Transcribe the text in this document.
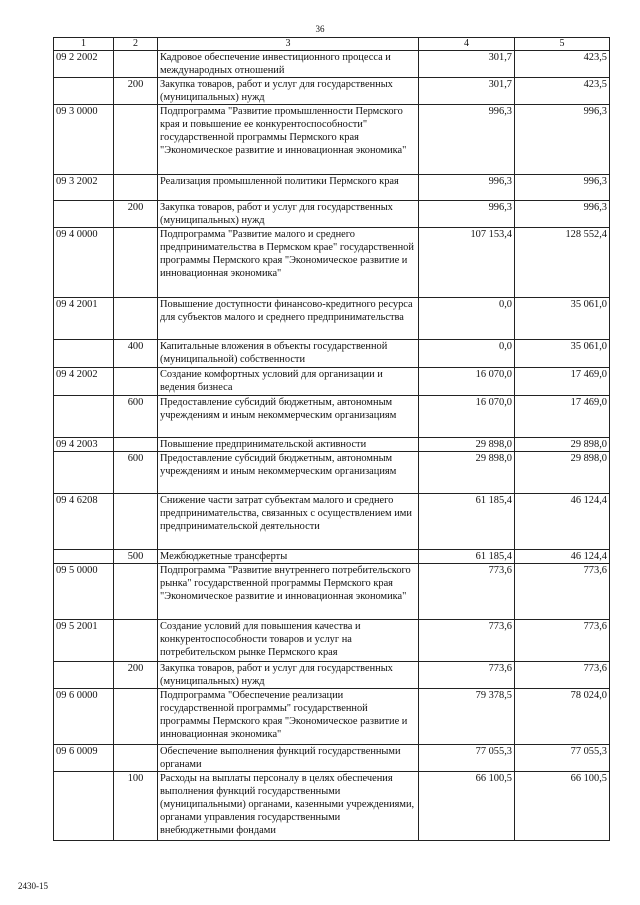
36
1	2	3	4	5
09 2 2002		Кадровое обеспечение инвестиционного процесса и международных отношений	301,7	423,5
	200	Закупка товаров, работ и услуг для государственных (муниципальных) нужд	301,7	423,5
09 3 0000		Подпрограмма "Развитие промышленности Пермского края и повышение ее конкурентоспособности" государственной программы Пермского края "Экономическое развитие и инновационная экономика"	996,3	996,3
09 3 2002		Реализация промышленной политики Пермского края	996,3	996,3
	200	Закупка товаров, работ и услуг для государственных (муниципальных) нужд	996,3	996,3
09 4 0000		Подпрограмма "Развитие малого и среднего предпринимательства в Пермском крае" государственной программы Пермского края "Экономическое развитие и инновационная экономика"	107 153,4	128 552,4
09 4 2001		Повышение доступности финансово-кредитного ресурса для субъектов малого и среднего предпринимательства	0,0	35 061,0
	400	Капитальные вложения в объекты государственной (муниципальной) собственности	0,0	35 061,0
09 4 2002		Создание комфортных условий для организации и ведения бизнеса	16 070,0	17 469,0
	600	Предоставление субсидий бюджетным, автономным учреждениям и иным некоммерческим организациям	16 070,0	17 469,0
09 4 2003		Повышение предпринимательской активности	29 898,0	29 898,0
	600	Предоставление субсидий бюджетным, автономным учреждениям и иным некоммерческим организациям	29 898,0	29 898,0
09 4 6208		Снижение части затрат субъектам малого и среднего предпринимательства, связанных с осуществлением ими предпринимательской деятельности	61 185,4	46 124,4
	500	Межбюджетные трансферты	61 185,4	46 124,4
09 5 0000		Подпрограмма "Развитие внутреннего потребительского рынка" государственной программы Пермского края "Экономическое развитие и инновационная экономика"	773,6	773,6
09 5 2001		Создание условий для повышения качества и конкурентоспособности товаров и услуг на потребительском рынке Пермского края	773,6	773,6
	200	Закупка товаров, работ и услуг для государственных (муниципальных) нужд	773,6	773,6
09 6 0000		Подпрограмма "Обеспечение реализации государственной программы" государственной программы Пермского края "Экономическое развитие и инновационная экономика"	79 378,5	78 024,0
09 6 0009		Обеспечение выполнения функций государственными органами	77 055,3	77 055,3
	100	Расходы на выплаты персоналу в целях обеспечения выполнения функций государственными (муниципальными) органами, казенными учреждениями, органами управления государственными внебюджетными фондами	66 100,5	66 100,5
2430-15
